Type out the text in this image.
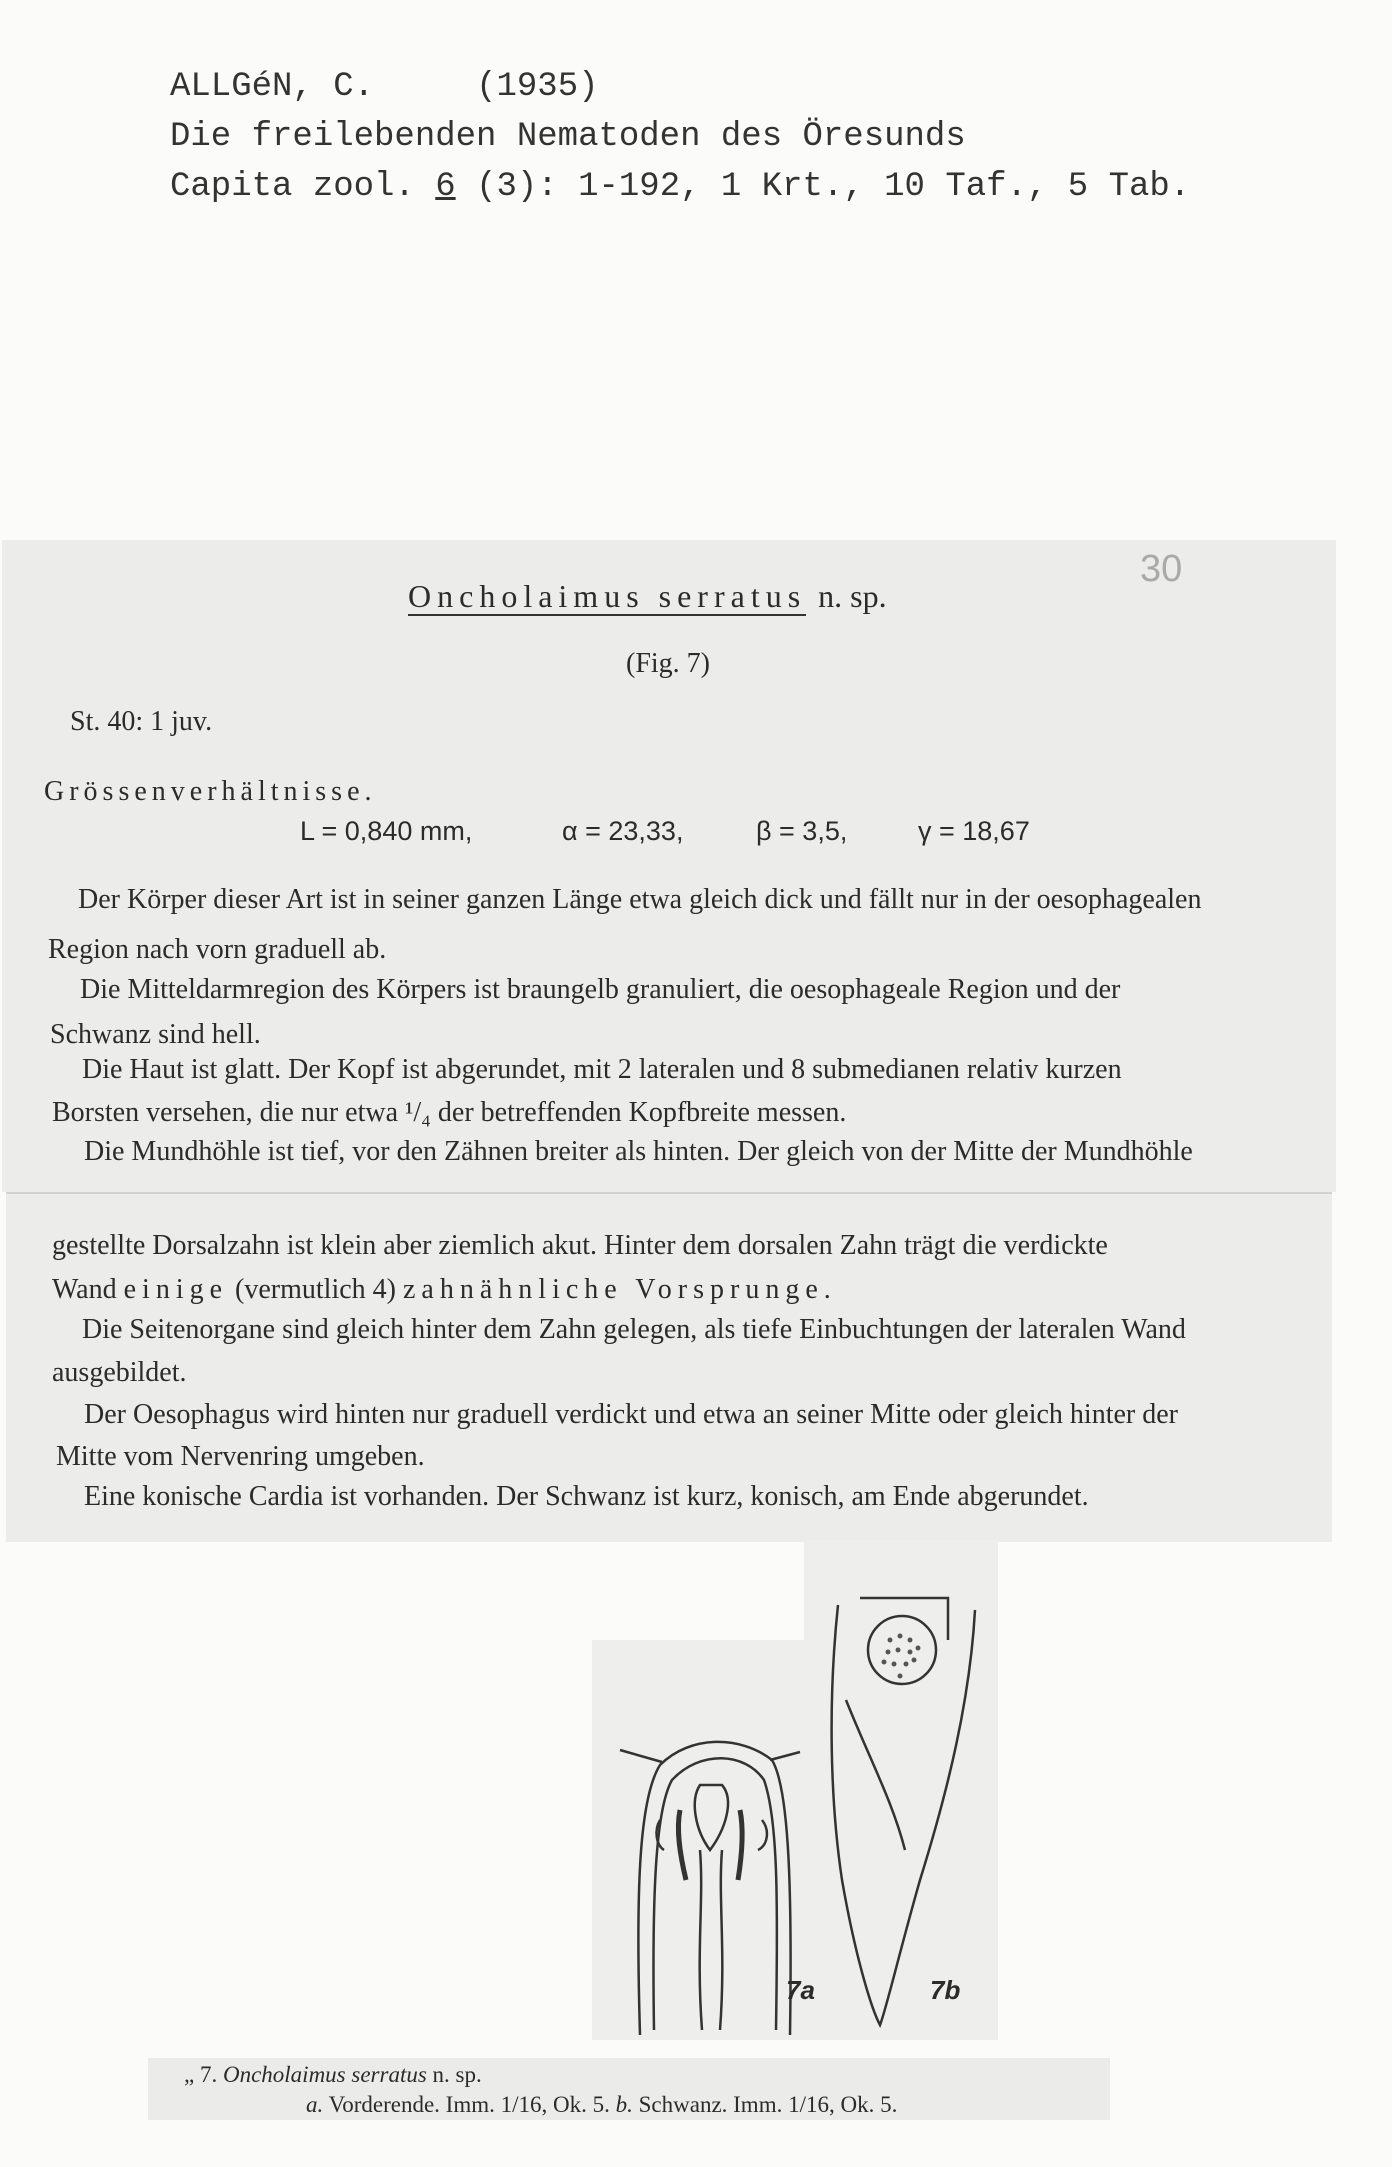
ALLGéN, C.	(1935)
Die freilebenden Nematoden des Öresunds
Capita zool. 6 (3): 1-192, 1 Krt., 10 Taf., 5 Tab.
30
Oncholaimus serratus n. sp.
(Fig. 7)
St. 40: 1 juv.
Grössenverhältnisse.
L = 0,840 mm,	α = 23,33,	β = 3,5,	γ = 18,67
Der Körper dieser Art ist in seiner ganzen Länge etwa gleich dick und fällt nur in der oesophagealen
Region nach vorn graduell ab.
Die Mitteldarmregion des Körpers ist braungelb granuliert, die oesophageale Region und der
Schwanz sind hell.
Die Haut ist glatt. Der Kopf ist abgerundet, mit 2 lateralen und 8 submedianen relativ kurzen
Borsten versehen, die nur etwa ¹/₄ der betreffenden Kopfbreite messen.
Die Mundhöhle ist tief, vor den Zähnen breiter als hinten. Der gleich von der Mitte der Mundhöhle
gestellte Dorsalzahn ist klein aber ziemlich akut. Hinter dem dorsalen Zahn trägt die verdickte
Wand einige (vermutlich 4) zahnähnliche Vorsprunge.
Die Seitenorgane sind gleich hinter dem Zahn gelegen, als tiefe Einbuchtungen der lateralen Wand
ausgebildet.
Der Oesophagus wird hinten nur graduell verdickt und etwa an seiner Mitte oder gleich hinter der
Mitte vom Nervenring umgeben.
Eine konische Cardia ist vorhanden. Der Schwanz ist kurz, konisch, am Ende abgerundet.
7a	7b
„ 7. Oncholaimus serratus n. sp.
a. Vorderende. Imm. 1/16, Ok. 5. b. Schwanz. Imm. 1/16, Ok. 5.
